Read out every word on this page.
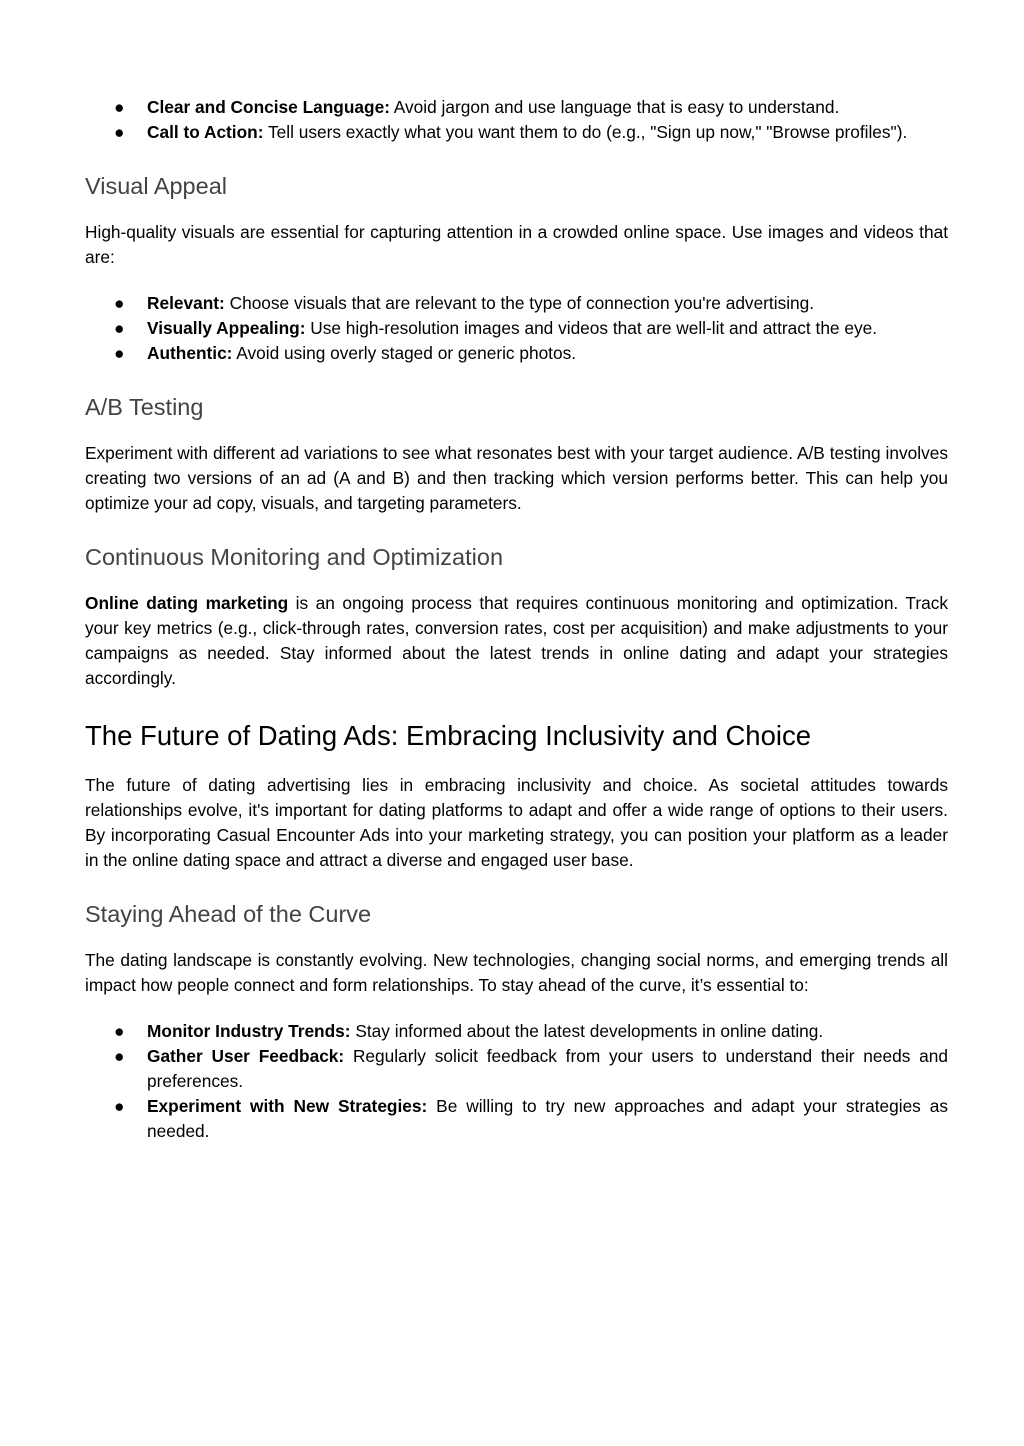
● Clear and Concise Language: Avoid jargon and use language that is easy to understand.
● Call to Action: Tell users exactly what you want them to do (e.g., "Sign up now," "Browse profiles").
Visual Appeal

High-quality visuals are essential for capturing attention in a crowded online space. Use images and videos that are:

● Relevant: Choose visuals that are relevant to the type of connection you're advertising.
● Visually Appealing: Use high-resolution images and videos that are well-lit and attract the eye.
● Authentic: Avoid using overly staged or generic photos.
A/B Testing

Experiment with different ad variations to see what resonates best with your target audience. A/B testing involves creating two versions of an ad (A and B) and then tracking which version performs better. This can help you optimize your ad copy, visuals, and targeting parameters.

Continuous Monitoring and Optimization

Online dating marketing is an ongoing process that requires continuous monitoring and optimization. Track your key metrics (e.g., click-through rates, conversion rates, cost per acquisition) and make adjustments to your campaigns as needed. Stay informed about the latest trends in online dating and adapt your strategies accordingly.

The Future of Dating Ads: Embracing Inclusivity and Choice

The future of dating advertising lies in embracing inclusivity and choice. As societal attitudes towards relationships evolve, it's important for dating platforms to adapt and offer a wide range of options to their users. By incorporating Casual Encounter Ads into your marketing strategy, you can position your platform as a leader in the online dating space and attract a diverse and engaged user base.

Staying Ahead of the Curve

The dating landscape is constantly evolving. New technologies, changing social norms, and emerging trends all impact how people connect and form relationships. To stay ahead of the curve, it’s essential to:

● Monitor Industry Trends: Stay informed about the latest developments in online dating.
● Gather User Feedback: Regularly solicit feedback from your users to understand their needs and preferences.
● Experiment with New Strategies: Be willing to try new approaches and adapt your strategies as needed.
